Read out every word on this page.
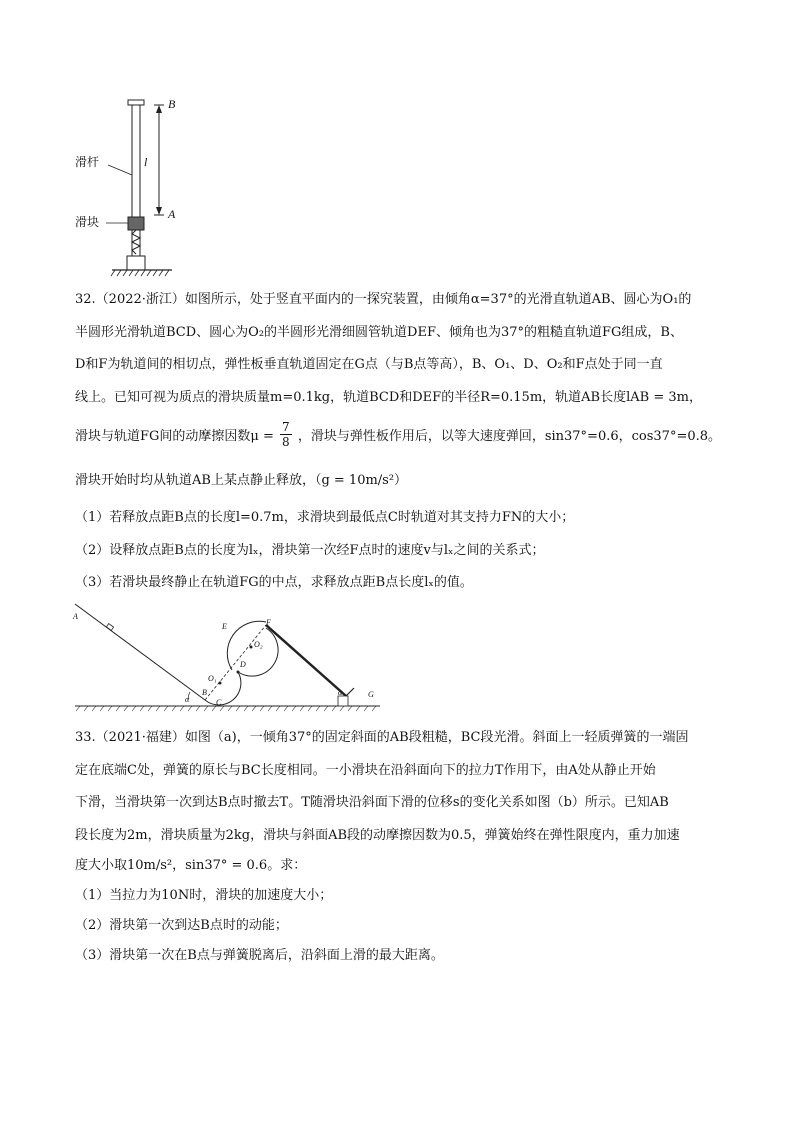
B
A
l
滑杆
滑块
32.（2022·浙江）如图所示，处于竖直平面内的一探究装置，由倾角α=37°的光滑直轨道AB、圆心为O₁的
半圆形光滑轨道BCD、圆心为O₂的半圆形光滑细圆管轨道DEF、倾角也为37°的粗糙直轨道FG组成，B、
D和F为轨道间的相切点，弹性板垂直轨道固定在G点（与B点等高），B、O₁、D、O₂和F点处于同一直
线上。已知可视为质点的滑块质量m=0.1kg，轨道BCD和DEF的半径R=0.15m，轨道AB长度lAB = 3m，
滑块与轨道FG间的动摩擦因数$\mu = \frac{7}{8}$ ，滑块与弹性板作用后，以等大速度弹回，sin37°=0.6，cos37°=0.8。
滑块开始时均从轨道AB上某点静止释放，（g = 10m/s²）
（1）若释放点距B点的长度l=0.7m，求滑块到最低点C时轨道对其支持力FN的大小；
（2）设释放点距B点的长度为lₓ，滑块第一次经F点时的速度v与lₓ之间的关系式；
（3）若滑块最终静止在轨道FG的中点，求释放点距B点长度lₓ的值。
A
B
C
D
E	F
G
O₁
O₂
α
α
33.（2021·福建）如图（a)，一倾角37°的固定斜面的AB段粗糙，BC段光滑。斜面上一轻质弹簧的一端固
定在底端C处，弹簧的原长与BC长度相同。一小滑块在沿斜面向下的拉力T作用下，由A处从静止开始
下滑，当滑块第一次到达B点时撤去T。T随滑块沿斜面下滑的位移s的变化关系如图（b）所示。已知AB
段长度为2m，滑块质量为2kg，滑块与斜面AB段的动摩擦因数为0.5，弹簧始终在弹性限度内，重力加速
度大小取10m/s²，sin37° = 0.6。求：
（1）当拉力为10N时，滑块的加速度大小；
（2）滑块第一次到达B点时的动能；
（3）滑块第一次在B点与弹簧脱离后，沿斜面上滑的最大距离。
